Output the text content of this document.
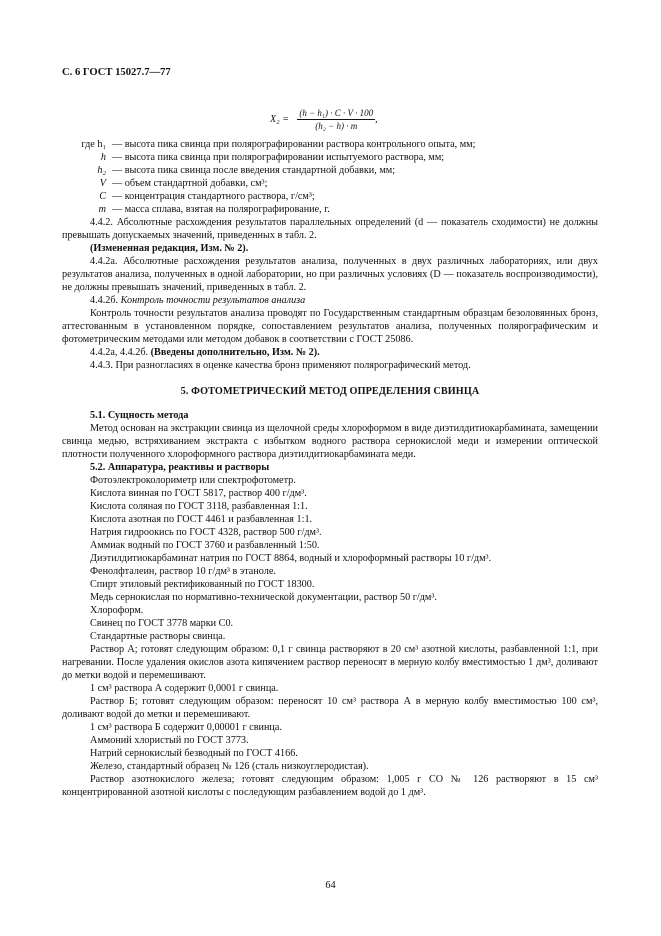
С. 6 ГОСТ 15027.7—77
где h₁ — высота пика свинца при полярографировании раствора контрольного опыта, мм;
h — высота пика свинца при полярографировании испытуемого раствора, мм;
h₂ — высота пика свинца после введения стандартной добавки, мм;
V — объем стандартной добавки, см³;
C — концентрация стандартного раствора, г/см³;
m — масса сплава, взятая на полярографирование, г.

4.4.2. Абсолютные расхождения результатов параллельных определений (d — показатель сходимости) не должны превышать допускаемых значений, приведенных в табл. 2.

(Измененная редакция, Изм. № 2).

4.4.2а. Абсолютные расхождения результатов анализа, полученных в двух различных лабораториях, или двух результатов анализа, полученных в одной лаборатории, но при различных условиях (D — показатель воспроизводимости), не должны превышать значений, приведенных в табл. 2.

4.4.2б. Контроль точности результатов анализа

Контроль точности результатов анализа проводят по Государственным стандартным образцам безоловянных бронз, аттестованным в установленном порядке, сопоставлением результатов анализа, полученных полярографическим и фотометрическим методами или методом добавок в соответствии с ГОСТ 25086.

4.4.2а, 4.4.2б. (Введены дополнительно, Изм. № 2).

4.4.3. При разногласиях в оценке качества бронз применяют полярографический метод.

5. ФОТОМЕТРИЧЕСКИЙ МЕТОД ОПРЕДЕЛЕНИЯ СВИНЦА

5.1. Сущность метода

Метод основан на экстракции свинца из щелочной среды хлороформом в виде диэтилдитиокарбамината, замещении свинца медью, встряхиванием экстракта с избытком водного раствора сернокислой меди и измерении оптической плотности полученного хлороформного раствора диэтилдитиокарбамината меди.

5.2. Аппаратура, реактивы и растворы

Фотоэлектроколориметр или спектрофотометр.

Кислота винная по ГОСТ 5817, раствор 400 г/дм³.

Кислота соляная по ГОСТ 3118, разбавленная 1:1.

Кислота азотная по ГОСТ 4461 и разбавленная 1:1.

Натрия гидроокись по ГОСТ 4328, раствор 500 г/дм³.

Аммиак водный по ГОСТ 3760 и разбавленный 1:50.

Диэтилдитиокарбаминат натрия по ГОСТ 8864, водный и хлороформный растворы 10 г/дм³.

Фенолфталеин, раствор 10 г/дм³ в этаноле.

Спирт этиловый ректификованный по ГОСТ 18300.

Медь сернокислая по нормативно-технической документации, раствор 50 г/дм³.

Хлороформ.

Свинец по ГОСТ 3778 марки С0.

Стандартные растворы свинца.

Раствор А; готовят следующим образом: 0,1 г свинца растворяют в 20 см³ азотной кислоты, разбавленной 1:1, при нагревании. После удаления окислов азота кипячением раствор переносят в мерную колбу вместимостью 1 дм³, доливают до метки водой и перемешивают.

1 см³ раствора А содержит 0,0001 г свинца.

Раствор Б; готовят следующим образом: переносят 10 см³ раствора А в мерную колбу вместимостью 100 см³, доливают водой до метки и перемешивают.

1 см³ раствора Б содержит 0,00001 г свинца.

Аммоний хлористый по ГОСТ 3773.

Натрий сернокислый безводный по ГОСТ 4166.

Железо, стандартный образец № 126 (сталь низкоуглеродистая).

Раствор азотнокислого железа; готовят следующим образом: 1,005 г СО № 126 растворяют в 15 см³ концентрированной азотной кислоты с последующим разбавлением водой до 1 дм³.

$X_2 = \frac{\text{(h − h₁) · C · V · 100}}{\text{(h₂ − h) · m}}$ ,
64
